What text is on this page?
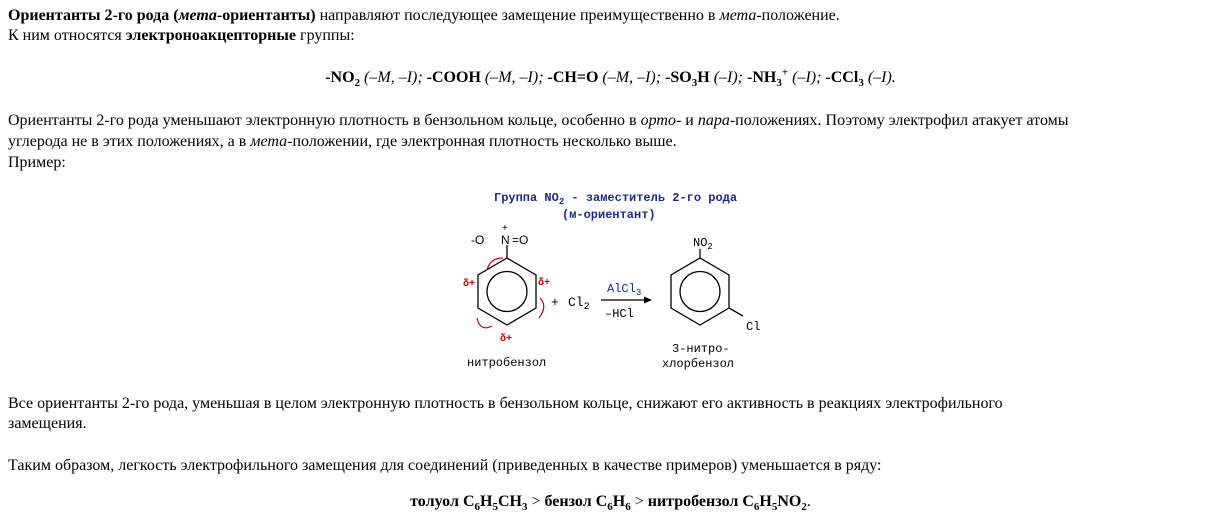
Ориентанты 2-го рода (мета-ориентанты) направляют последующее замещение преимущественно в мета-положение.
К ним относятся электроноакцепторные группы:
$-NO_2$ (–M, –I); -COOH (–M, –I); -CH=O (–M, –I); $-SO_3H$ (–I); $-NH_3^+$ (–I); -CCl$_3$ (–I).
Ориентанты 2-го рода уменьшают электронную плотность в бензольном кольце, особенно в орто- и пара-положениях. Поэтому электрофил атакует атомы
углерода не в этих положениях, а в мета-положении, где электронная плотность несколько выше.
Пример:
Группа $NO_2$ - заместитель 2-го рода
(м-ориентант)
-O
+
N =O
δ+	δ+
δ+
+ $Cl_2$
AlCl$_3$
–HCl
$NO_2$
Cl
нитробензол
3-нитро-
хлорбензол
Все ориентанты 2-го рода, уменьшая в целом электронную плотность в бензольном кольце, снижают его активность в реакциях электрофильного
замещения.
Таким образом, легкость электрофильного замещения для соединений (приведенных в качестве примеров) уменьшается в ряду:
толуол $C_6H_5CH_3$ > бензол $C_6H_6$ > нитробензол $C_6H_5NO_2$.
